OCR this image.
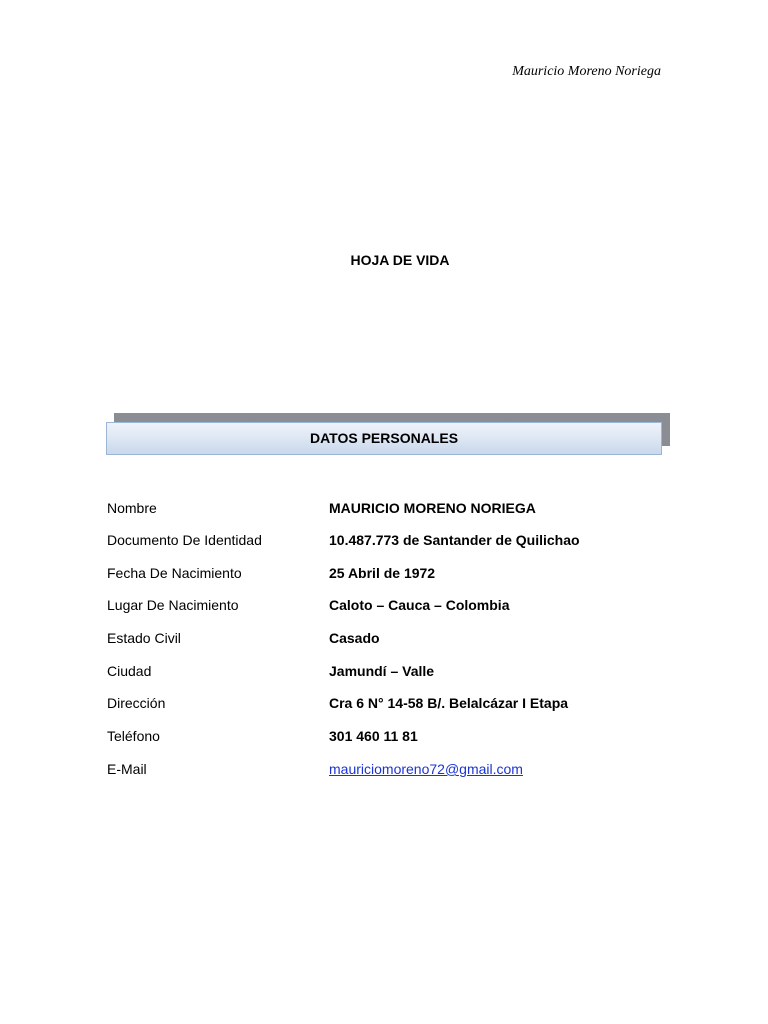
Mauricio Moreno Noriega
HOJA DE VIDA
DATOS PERSONALES
Nombre	MAURICIO MORENO NORIEGA
Documento De Identidad	10.487.773 de Santander de Quilichao
Fecha De Nacimiento	25 Abril de 1972
Lugar De Nacimiento	Caloto – Cauca – Colombia
Estado Civil	Casado
Ciudad	Jamundí – Valle
Dirección	Cra 6 N° 14-58 B/. Belalcázar I Etapa
Teléfono	301 460 11 81
E-Mail	mauriciomoreno72@gmail.com
